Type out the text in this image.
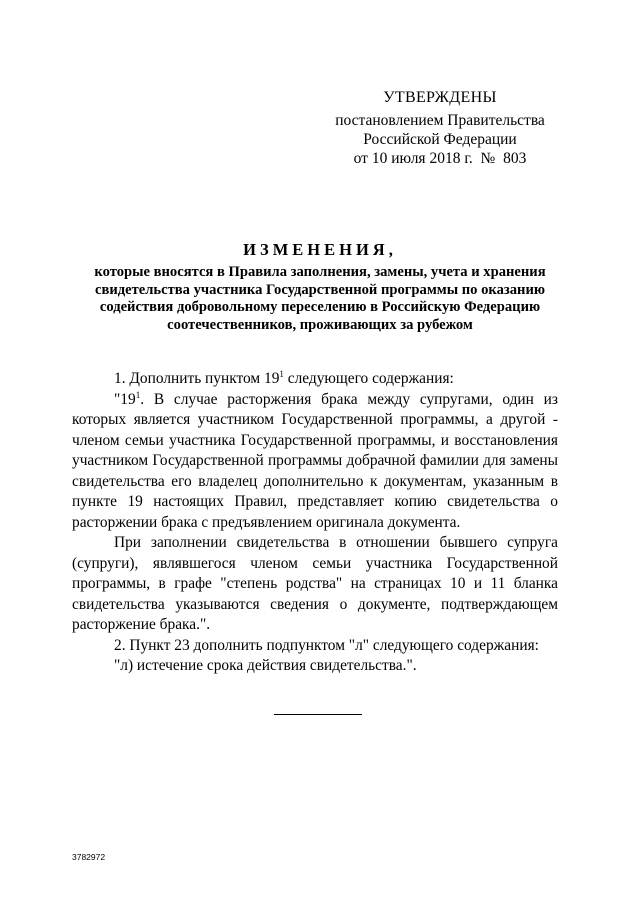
УТВЕРЖДЕНЫ
постановлением Правительства
Российской Федерации
от 10 июля 2018 г.  №  803
ИЗМЕНЕНИЯ,
которые вносятся в Правила заполнения, замены, учета и хранения свидетельства участника Государственной программы по оказанию содействия добровольному переселению в Российскую Федерацию соотечественников, проживающих за рубежом

1. Дополнить пунктом $19^1$ следующего содержания:

"$19^1$. В случае расторжения брака между супругами, один из которых является участником Государственной программы, а другой - членом семьи участника Государственной программы, и восстановления участником Государственной программы добрачной фамилии для замены свидетельства его владелец дополнительно к документам, указанным в пункте 19 настоящих Правил, представляет копию свидетельства о расторжении брака с предъявлением оригинала документа.

При заполнении свидетельства в отношении бывшего супруга (супруги), являвшегося членом семьи участника Государственной программы, в графе "степень родства" на страницах 10 и 11 бланка свидетельства указываются сведения о документе, подтверждающем расторжение брака.".

2. Пункт 23 дополнить подпунктом "л" следующего содержания:

"л) истечение срока действия свидетельства.".

3782972
